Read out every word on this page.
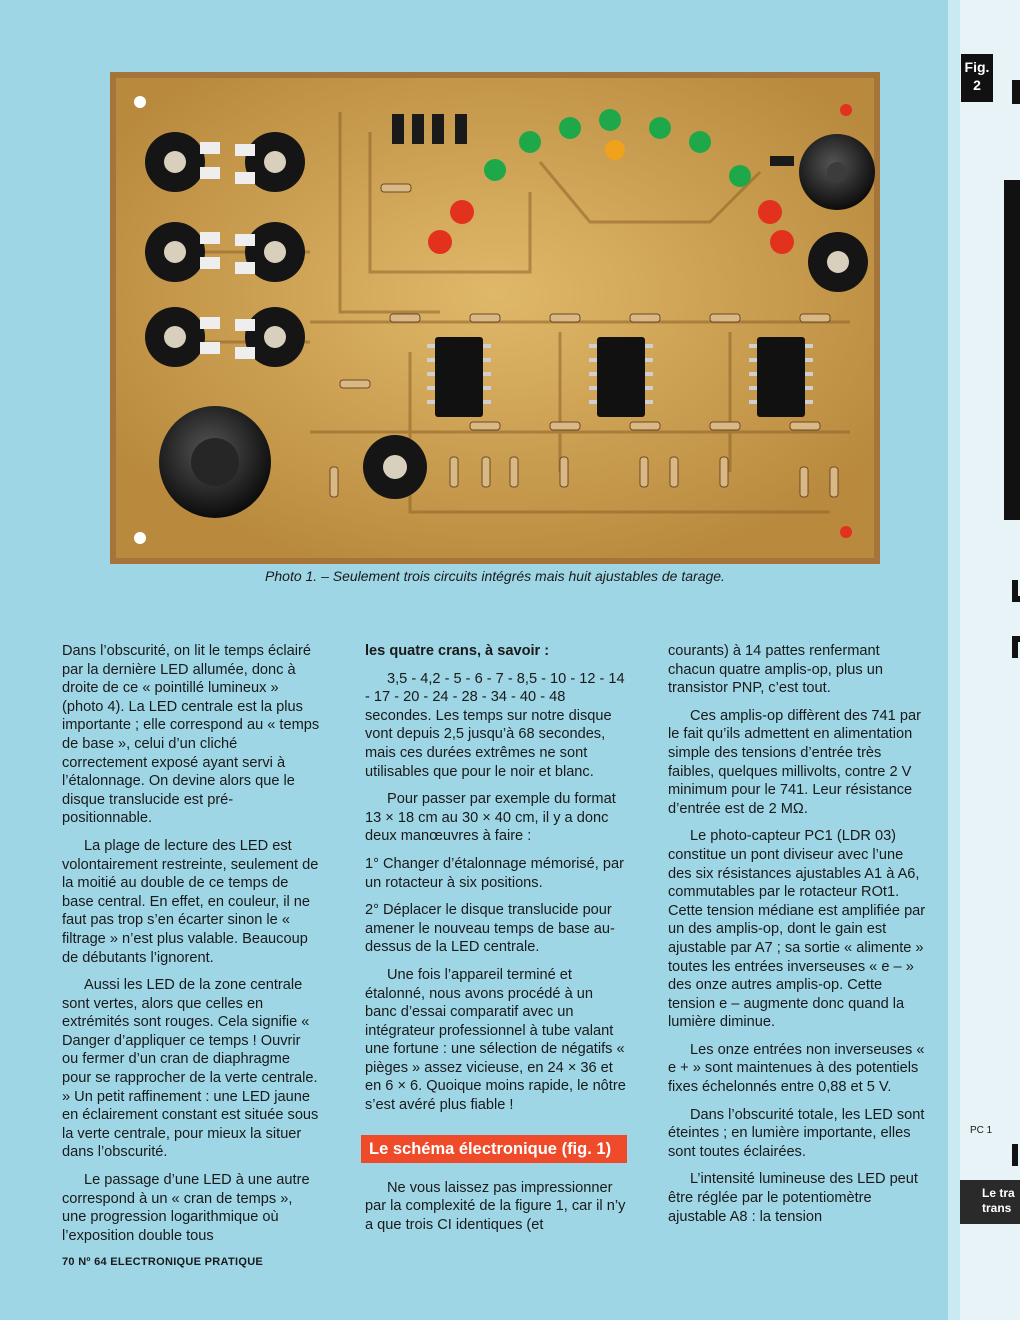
Photo 1. – Seulement trois circuits intégrés mais huit ajustables de tarage.

Dans l’obscurité, on lit le temps éclairé par la dernière LED allumée, donc à droite de ce « pointillé lumineux » (photo 4). La LED centrale est la plus importante ; elle correspond au « temps de base », celui d’un cliché correctement exposé ayant servi à l’étalonnage. On devine alors que le disque translucide est pré-positionnable.

La plage de lecture des LED est volontairement restreinte, seulement de la moitié au double de ce temps de base central. En effet, en couleur, il ne faut pas trop s’en écarter sinon le « filtrage » n’est plus valable. Beaucoup de débutants l’ignorent.

Aussi les LED de la zone centrale sont vertes, alors que celles en extrémités sont rouges. Cela signifie « Danger d’appliquer ce temps ! Ouvrir ou fermer d’un cran de diaphragme pour se rapprocher de la verte centrale. » Un petit raffinement : une LED jaune en éclairement constant est située sous la verte centrale, pour mieux la situer dans l’obscurité.

Le passage d’une LED à une autre correspond à un « cran de temps », une progression logarithmique où l’exposition double tous

les quatre crans, à savoir :

3,5 - 4,2 - 5 - 6 - 7 - 8,5 - 10 - 12 - 14 - 17 - 20 - 24 - 28 - 34 - 40 - 48 secondes. Les temps sur notre disque vont depuis 2,5 jusqu’à 68 secondes, mais ces durées extrêmes ne sont utilisables que pour le noir et blanc.

Pour passer par exemple du format 13 × 18 cm au 30 × 40 cm, il y a donc deux manœuvres à faire :

1° Changer d’étalonnage mémorisé, par un rotacteur à six positions.

2° Déplacer le disque translucide pour amener le nouveau temps de base au-dessus de la LED centrale.

Une fois l’appareil terminé et étalonné, nous avons procédé à un banc d’essai comparatif avec un intégrateur professionnel à tube valant une fortune : une sélection de négatifs « pièges » assez vicieuse, en 24 × 36 et en 6 × 6. Quoique moins rapide, le nôtre s’est avéré plus fiable !

Le schéma électronique (fig. 1)

Ne vous laissez pas impressionner par la complexité de la figure 1, car il n’y a que trois CI identiques (et

courants) à 14 pattes renfermant chacun quatre amplis-op, plus un transistor PNP, c’est tout.

Ces amplis-op diffèrent des 741 par le fait qu’ils admettent en alimentation simple des tensions d’entrée très faibles, quelques millivolts, contre 2 V minimum pour le 741. Leur résistance d’entrée est de 2 MΩ.

Le photo-capteur PC1 (LDR 03) constitue un pont diviseur avec l’une des six résistances ajustables A1 à A6, commutables par le rotacteur ROt1. Cette tension médiane est amplifiée par un des amplis-op, dont le gain est ajustable par A7 ; sa sortie « alimente » toutes les entrées inverseuses « e – » des onze autres amplis-op. Cette tension e – augmente donc quand la lumière diminue.

Les onze entrées non inverseuses « e + » sont maintenues à des potentiels fixes échelonnés entre 0,88 et 5 V.

Dans l’obscurité totale, les LED sont éteintes ; en lumière importante, elles sont toutes éclairées.

L’intensité lumineuse des LED peut être réglée par le potentiomètre ajustable A8 : la tension

70 Nº 64 ELECTRONIQUE PRATIQUE
Fig.
2
PC 1
Le tra
trans
